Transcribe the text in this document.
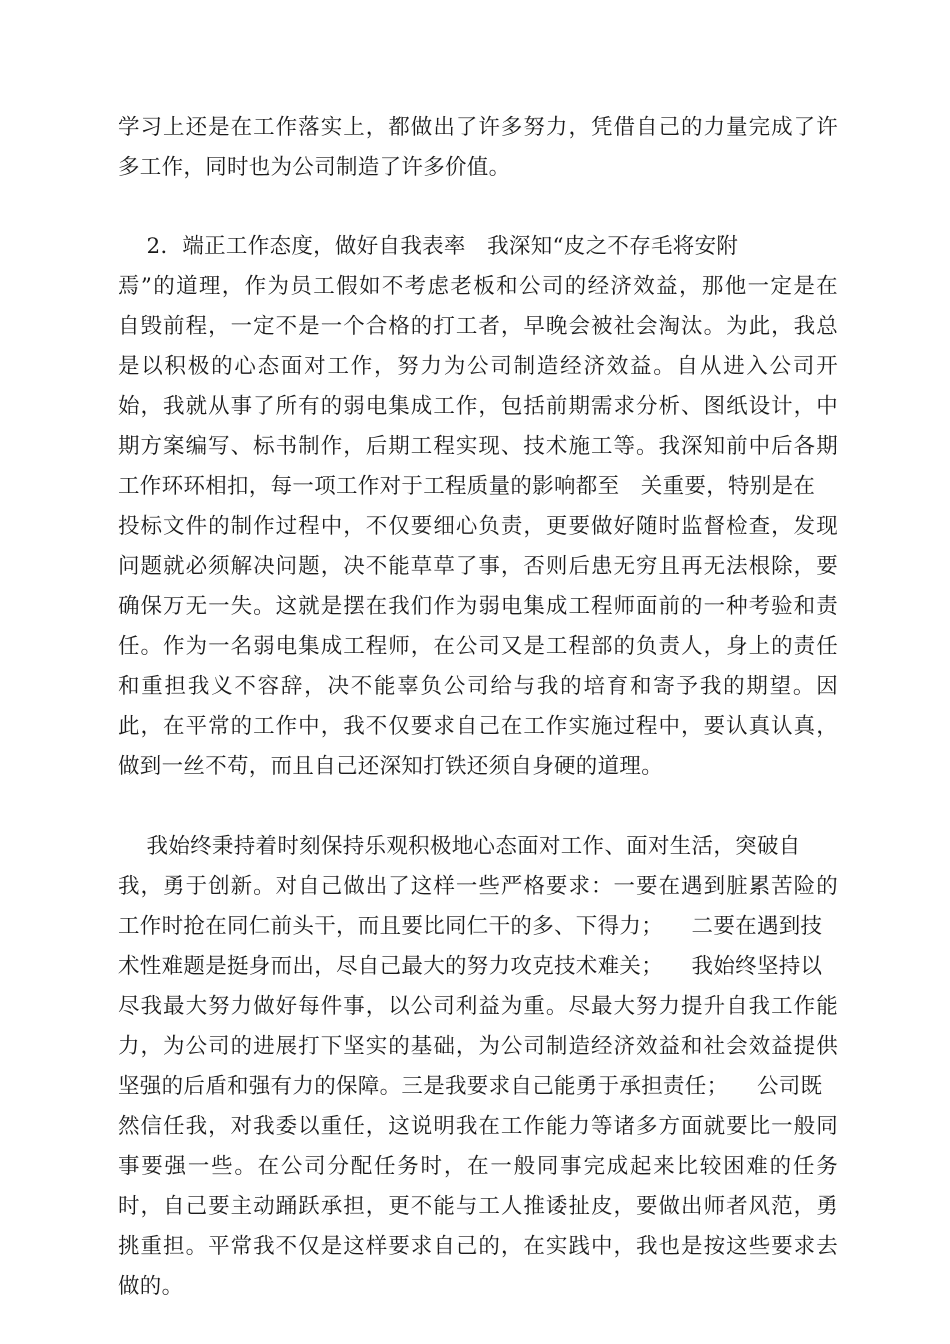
学习上还是在工作落实上，都做出了许多努力，凭借自己的力量完成了许
多工作，同时也为公司制造了许多价值。
2．端正工作态度，做好自我表率   我深知“皮之不存毛将安附
焉”的道理，作为员工假如不考虑老板和公司的经济效益，那他一定是在
自毁前程，一定不是一个合格的打工者，早晚会被社会淘汰。为此，我总
是以积极的心态面对工作，努力为公司制造经济效益。自从进入公司开
始，我就从事了所有的弱电集成工作，包括前期需求分析、图纸设计，中
期方案编写、标书制作，后期工程实现、技术施工等。我深知前中后各期
工作环环相扣，每一项工作对于工程质量的影响都至   关重要，特别是在
投标文件的制作过程中，不仅要细心负责，更要做好随时监督检查，发现
问题就必须解决问题，决不能草草了事，否则后患无穷且再无法根除，要
确保万无一失。这就是摆在我们作为弱电集成工程师面前的一种考验和责
任。作为一名弱电集成工程师，在公司又是工程部的负责人，身上的责任
和重担我义不容辞，决不能辜负公司给与我的培育和寄予我的期望。因
此，在平常的工作中，我不仅要求自己在工作实施过程中，要认真认真，
做到一丝不苟，而且自己还深知打铁还须自身硬的道理。
我始终秉持着时刻保持乐观积极地心态面对工作、面对生活，突破自
我，勇于创新。对自己做出了这样一些严格要求：一要在遇到脏累苦险的
工作时抢在同仁前头干，而且要比同仁干的多、下得力；    二要在遇到技
术性难题是挺身而出，尽自己最大的努力攻克技术难关；    我始终坚持以
尽我最大努力做好每件事，以公司利益为重。尽最大努力提升自我工作能
力，为公司的进展打下坚实的基础，为公司制造经济效益和社会效益提供
坚强的后盾和强有力的保障。三是我要求自己能勇于承担责任；    公司既
然信任我，对我委以重任，这说明我在工作能力等诸多方面就要比一般同
事要强一些。在公司分配任务时，在一般同事完成起来比较困难的任务
时，自己要主动踊跃承担，更不能与工人推诿扯皮，要做出师者风范，勇
挑重担。平常我不仅是这样要求自己的，在实践中，我也是按这些要求去
做的。
